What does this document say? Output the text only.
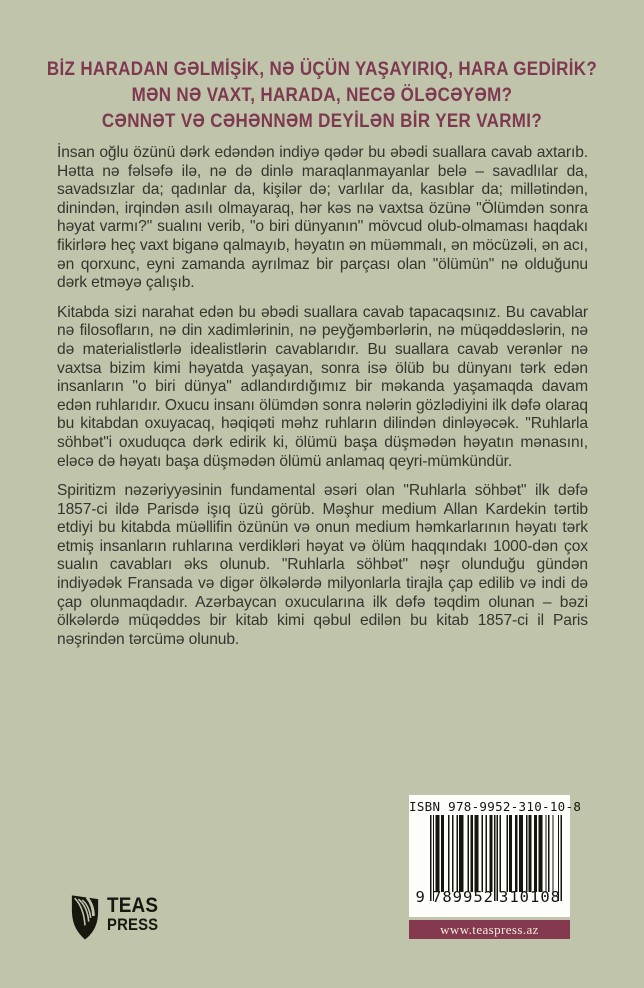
BİZ HARADAN GƏLMİŞİK, NƏ ÜÇÜN YAŞAYIRIQ, HARA GEDİRİK?
MƏN NƏ VAXT, HARADA, NECƏ ÖLƏCƏYƏM?
CƏNNƏT VƏ CƏHƏNNƏM DEYİLƏN BİR YER VARMI?

İnsan oğlu özünü dərk edəndən indiyə qədər bu əbədi suallara cavab axtarıb. Hətta nə fəlsəfə ilə, nə də dinlə maraqlanmayanlar belə – savadlılar da, savadsızlar da; qadınlar da, kişilər də; varlılar da, kasıblar da; millətindən, dinindən, irqindən asılı olmayaraq, hər kəs nə vaxtsa özünə "Ölümdən sonra həyat varmı?" sualını verib, "o biri dünyanın" mövcud olub-olmaması haqdakı fikirlərə heç vaxt biganə qalmayıb, həyatın ən müəmmalı, ən möcüzəli, ən acı, ən qorxunc, eyni zamanda ayrılmaz bir parçası olan "ölümün" nə olduğunu dərk etməyə çalışıb.

Kitabda sizi narahat edən bu əbədi suallara cavab tapacaqsınız. Bu cavablar nə filosofların, nə din xadimlərinin, nə peyğəmbərlərin, nə müqəddəslərin, nə də materialistlərlə idealistlərin cavablarıdır. Bu suallara cavab verənlər nə vaxtsa bizim kimi həyatda yaşayan, sonra isə ölüb bu dünyanı tərk edən insanların "o biri dünya" adlandırdığımız bir məkanda yaşamaqda davam edən ruhlarıdır. Oxucu insanı ölümdən sonra nələrin gözlədiyini ilk dəfə olaraq bu kitabdan oxuyacaq, həqiqəti məhz ruhların dilindən dinləyəcək. "Ruhlarla söhbət"i oxuduqca dərk edirik ki, ölümü başa düşmədən həyatın mənasını, eləcə də həyatı başa düşmədən ölümü anlamaq qeyri-mümkündür.

Spiritizm nəzəriyyəsinin fundamental əsəri olan "Ruhlarla söhbət" ilk dəfə 1857-ci ildə Parisdə işıq üzü görüb. Məşhur medium Allan Kardekin tərtib etdiyi bu kitabda müəllifin özünün və onun medium həmkarlarının həyatı tərk etmiş insanların ruhlarına verdikləri həyat və ölüm haqqındakı 1000-dən çox sualın cavabları əks olunub. "Ruhlarla söhbət" nəşr olunduğu gündən indiyədək Fransada və digər ölkələrdə milyonlarla tirajla çap edilib və indi də çap olunmaqdadır. Azərbaycan oxucularına ilk dəfə təqdim olunan – bəzi ölkələrdə müqəddəs bir kitab kimi qəbul edilən bu kitab 1857-ci il Paris nəşrindən tərcümə olunub.

TEAS
PRESS
ISBN 978-9952-310-10-8
9 789952 310108
www.teaspress.az
